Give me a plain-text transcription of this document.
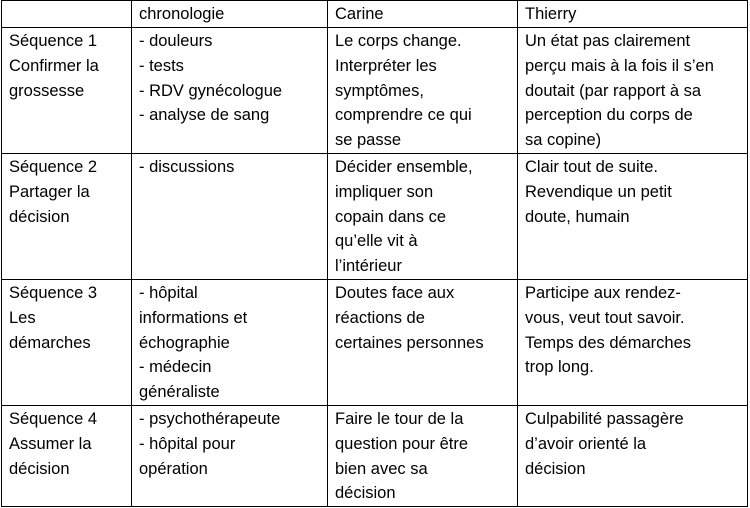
	chronologie	Carine	Thierry
Séquence 1
Confirmer la
grossesse	- douleurs
- tests
- RDV gynécologue
- analyse de sang	Le corps change.
Interpréter les
symptômes,
comprendre ce qui
se passe	Un état pas clairement
perçu mais à la fois il s’en
doutait (par rapport à sa
perception du corps de
sa copine)
Séquence 2
Partager la
décision	- discussions	Décider ensemble,
impliquer son
copain dans ce
qu’elle vit à
l’intérieur	Clair tout de suite.
Revendique un petit
doute, humain
Séquence 3
Les
démarches	- hôpital
informations et
échographie
- médecin
généraliste	Doutes face aux
réactions de
certaines personnes	Participe aux rendez-
vous, veut tout savoir.
Temps des démarches
trop long.
Séquence 4
Assumer la
décision	- psychothérapeute
- hôpital pour
opération	Faire le tour de la
question pour être
bien avec sa
décision	Culpabilité passagère
d’avoir orienté la
décision
